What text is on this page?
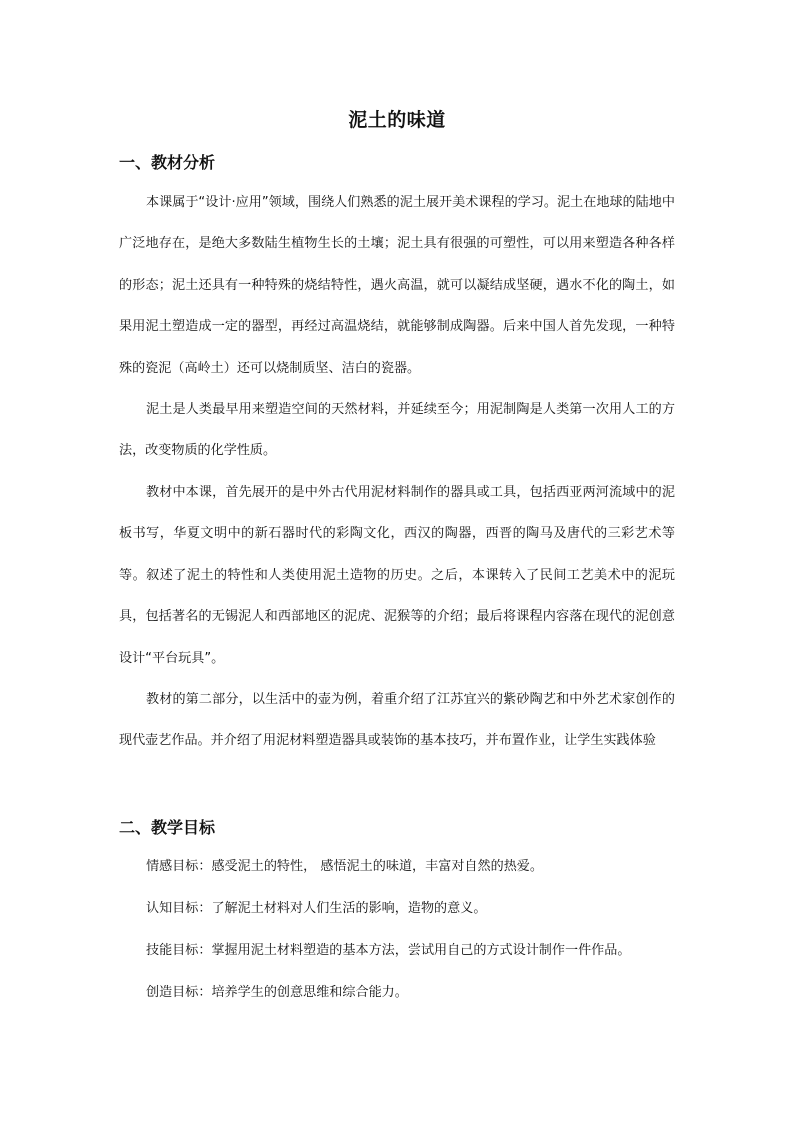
泥土的味道
一、教材分析

本课属于“设计·应用”领域，围绕人们熟悉的泥土展开美术课程的学习。泥土在地球的陆地中广泛地存在，是绝大多数陆生植物生长的土壤；泥土具有很强的可塑性，可以用来塑造各种各样的形态；泥土还具有一种特殊的烧结特性，遇火高温，就可以凝结成坚硬，遇水不化的陶土，如果用泥土塑造成一定的器型，再经过高温烧结，就能够制成陶器。后来中国人首先发现，一种特殊的瓷泥（高岭土）还可以烧制质坚、洁白的瓷器。

泥土是人类最早用来塑造空间的天然材料，并延续至今；用泥制陶是人类第一次用人工的方法，改变物质的化学性质。

教材中本课，首先展开的是中外古代用泥材料制作的器具或工具，包括西亚两河流域中的泥板书写，华夏文明中的新石器时代的彩陶文化，西汉的陶器，西晋的陶马及唐代的三彩艺术等等。叙述了泥土的特性和人类使用泥土造物的历史。之后，本课转入了民间工艺美术中的泥玩具，包括著名的无锡泥人和西部地区的泥虎、泥猴等的介绍；最后将课程内容落在现代的泥创意设计“平台玩具”。

教材的第二部分，以生活中的壶为例，着重介绍了江苏宜兴的紫砂陶艺和中外艺术家创作的现代壶艺作品。并介绍了用泥材料塑造器具或装饰的基本技巧，并布置作业，让学生实践体验

二、教学目标
情感目标：感受泥土的特性， 感悟泥土的味道，丰富对自然的热爱。
认知目标：了解泥土材料对人们生活的影响，造物的意义。
技能目标：掌握用泥土材料塑造的基本方法，尝试用自己的方式设计制作一件作品。
创造目标：培养学生的创意思维和综合能力。
